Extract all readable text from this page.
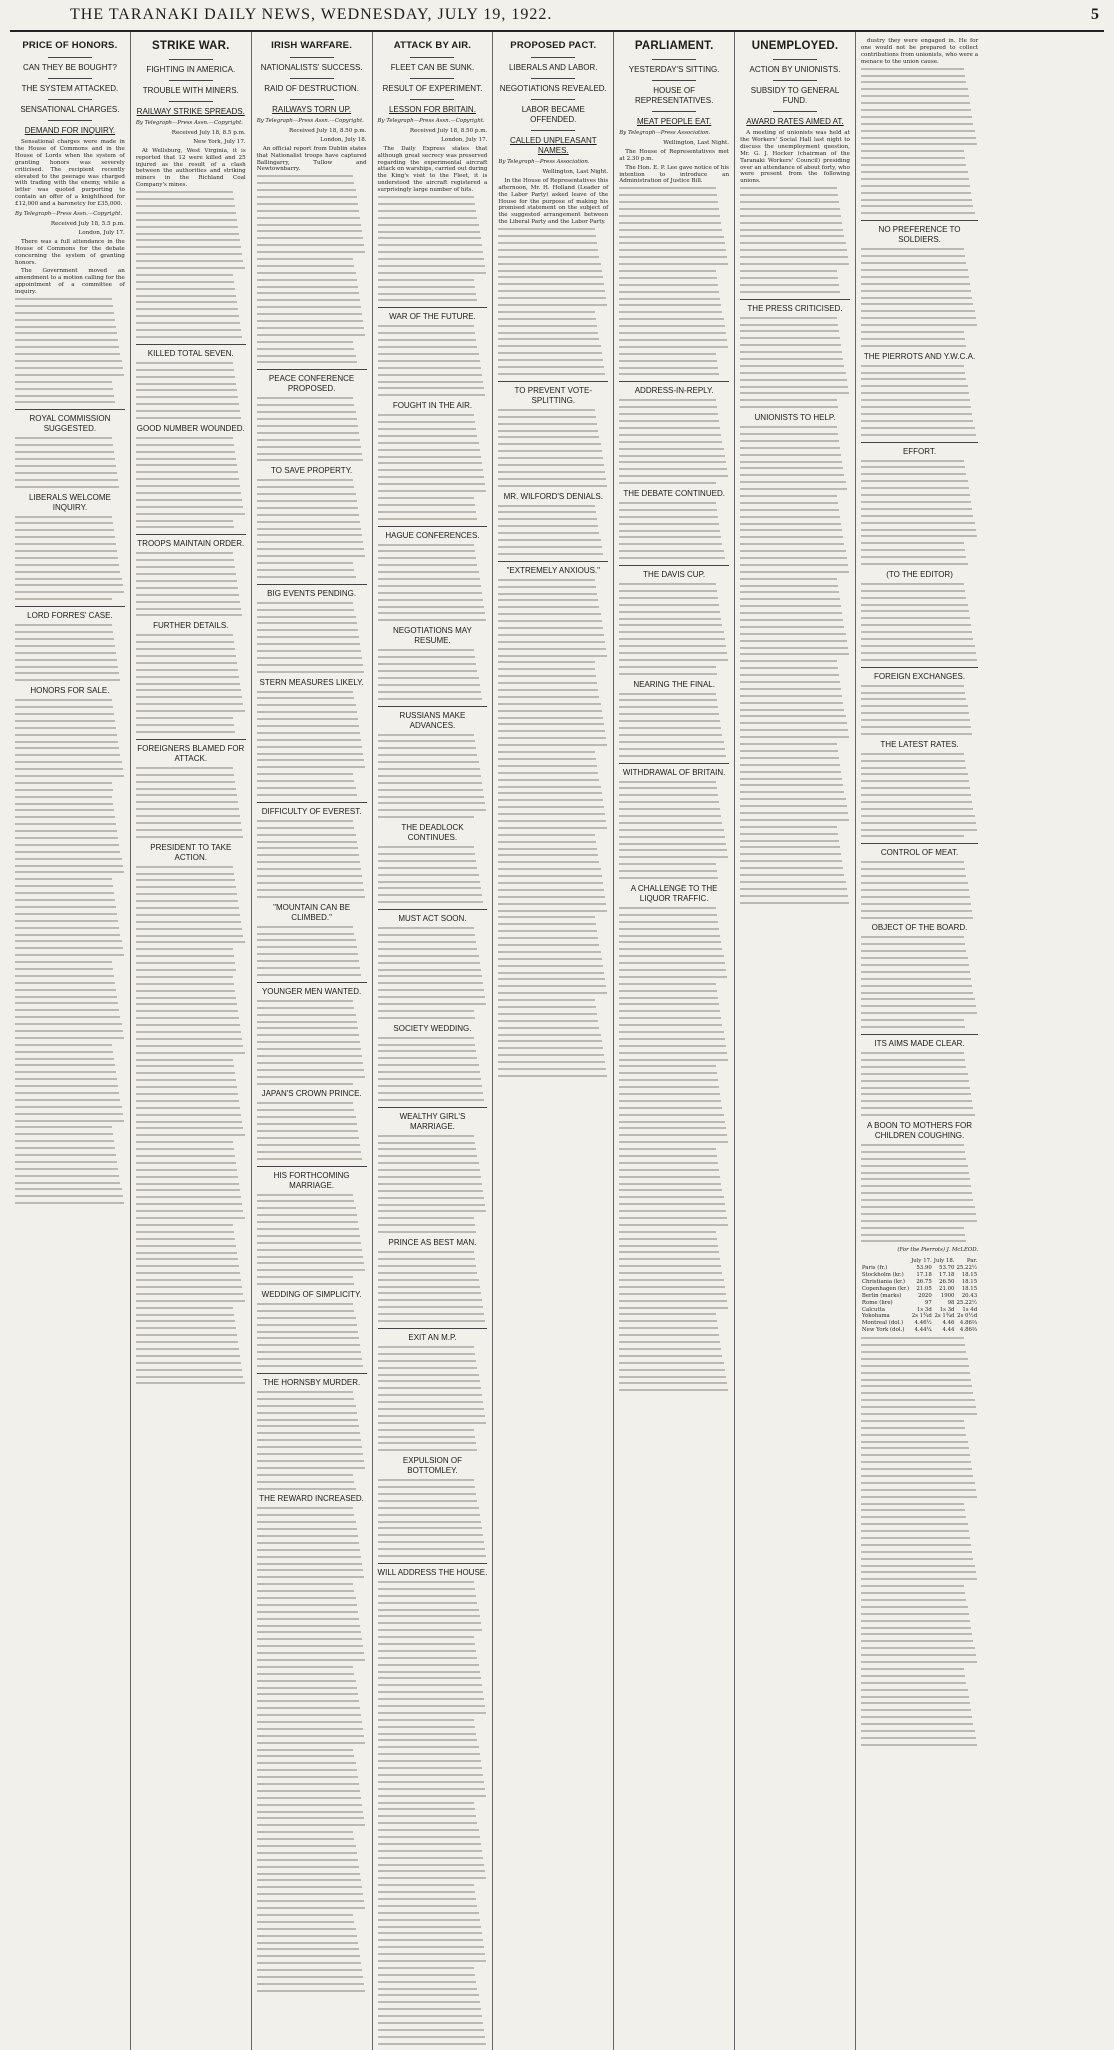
THE TARANAKI DAILY NEWS, WEDNESDAY, JULY 19, 1922.	5
PRICE OF HONORS.
CAN THEY BE BOUGHT?
THE SYSTEM ATTACKED.
SENSATIONAL CHARGES.
DEMAND FOR INQUIRY.
Sensational charges were made in the House of Commons and in the House of Lords when the system of granting honors was severely criticised. The recipient recently elevated to the peerage was charged with trading with the enemy, while a letter was quoted purporting to contain an offer of a knighthood for £12,000 and a baronetcy for £35,000.
By Telegraph—Press Assn.—Copyright.
Received July 18, 5.5 p.m.
London, July 17.
There was a full attendance in the House of Commons for the debate concerning the system of granting honors.
The Government moved an amendment to a motion calling for the appointment of a committee of inquiry.
ROYAL COMMISSION SUGGESTED.
LIBERALS WELCOME INQUIRY.
LORD FORRES' CASE.
HONORS FOR SALE.
STRIKE WAR.
FIGHTING IN AMERICA.
TROUBLE WITH MINERS.
RAILWAY STRIKE SPREADS.
By Telegraph—Press Assn.—Copyright.
Received July 18, 8.5 p.m.
New York, July 17.
At Wellsburg, West Virginia, it is reported that 12 were killed and 25 injured as the result of a clash between the authorities and striking miners in the Richland Coal Company's mines.
KILLED TOTAL SEVEN.
GOOD NUMBER WOUNDED.
TROOPS MAINTAIN ORDER.
FURTHER DETAILS.
FOREIGNERS BLAMED FOR ATTACK.
PRESIDENT TO TAKE ACTION.
IRISH WARFARE.
NATIONALISTS' SUCCESS.
RAID OF DESTRUCTION.
RAILWAYS TORN UP.
By Telegraph—Press Assn.—Copyright.
Received July 18, 8.50 p.m.
London, July 18.
An official report from Dublin states that Nationalist troops have captured Ballingarry, Tullow and Newtownbarry.
PEACE CONFERENCE PROPOSED.
TO SAVE PROPERTY.
BIG EVENTS PENDING.
STERN MEASURES LIKELY.
DIFFICULTY OF EVEREST.
"MOUNTAIN CAN BE CLIMBED."
YOUNGER MEN WANTED.
JAPAN'S CROWN PRINCE.
HIS FORTHCOMING MARRIAGE.
WEDDING OF SIMPLICITY.
THE HORNSBY MURDER.
THE REWARD INCREASED.
ATTACK BY AIR.
FLEET CAN BE SUNK.
RESULT OF EXPERIMENT.
LESSON FOR BRITAIN.
By Telegraph—Press Assn.—Copyright.
Received July 18, 8.50 p.m.
London, July 17.
The Daily Express states that although great secrecy was preserved regarding the experimental aircraft attack on warships, carried out during the King's visit to the Fleet, it is understood the aircraft registered a surprisingly large number of hits.
WAR OF THE FUTURE.
FOUGHT IN THE AIR.
HAGUE CONFERENCES.
NEGOTIATIONS MAY RESUME.
RUSSIANS MAKE ADVANCES.
THE DEADLOCK CONTINUES.
MUST ACT SOON.
SOCIETY WEDDING.
WEALTHY GIRL'S MARRIAGE.
PRINCE AS BEST MAN.
EXIT AN M.P.
EXPULSION OF BOTTOMLEY.
WILL ADDRESS THE HOUSE.
PROPOSED PACT.
LIBERALS AND LABOR.
NEGOTIATIONS REVEALED.
LABOR BECAME OFFENDED.
CALLED UNPLEASANT NAMES.
By Telegraph—Press Association.
Wellington, Last Night.
In the House of Representatives this afternoon, Mr. H. Holland (Leader of the Labor Party) asked leave of the House for the purpose of making his promised statement on the subject of the suggested arrangement between the Liberal Party and the Labor Party.
TO PREVENT VOTE-SPLITTING.
MR. WILFORD'S DENIALS.
"EXTREMELY ANXIOUS."
PARLIAMENT.
YESTERDAY'S SITTING.
HOUSE OF REPRESENTATIVES.
MEAT PEOPLE EAT.
By Telegraph—Press Association.
Wellington, Last Night.
The House of Representatives met at 2.30 p.m.
The Hon. E. P. Lee gave notice of his intention to introduce an Administration of Justice Bill.
ADDRESS-IN-REPLY.
THE DEBATE CONTINUED.
THE DAVIS CUP.
NEARING THE FINAL.
WITHDRAWAL OF BRITAIN.
A CHALLENGE TO THE LIQUOR TRAFFIC.
UNEMPLOYED.
ACTION BY UNIONISTS.
SUBSIDY TO GENERAL FUND.
AWARD RATES AIMED AT.
A meeting of unionists was held at the Workers' Social Hall last night to discuss the unemployment question, Mr. G. J. Hocker (chairman of the Taranaki Workers' Council) presiding over an attendance of about forty, who were present from the following unions.
THE PRESS CRITICISED.
UNIONISTS TO HELP.
dustry they were engaged in. He for one would not be prepared to collect contributions from unionists, who were a menace to the union cause.
NO PREFERENCE TO SOLDIERS.
THE PIERROTS AND Y.W.C.A.
EFFORT.
(TO THE EDITOR)
FOREIGN EXCHANGES.
THE LATEST RATES.
CONTROL OF MEAT.
OBJECT OF THE BOARD.
ITS AIMS MADE CLEAR.
A BOON TO MOTHERS FOR CHILDREN COUGHING.
(For the Pierrots) J. McLEOD.
	July 17.	July 18.	Par.
Paris (fr.)	53.90	53.70	25.22½
Stockholm (kr.)	17.18	17.18	18.15
Christiania (kr.)	26.75	26.50	18.15
Copenhagen (kr.)	21.05	21.00	18.15
Berlin (marks)	2020	1900	20.43
Rome (lire)	97	98	25.22½
Calcutta	1s 3d	1s 3d	1s 4d
Yokohama	2s 1¾d	2s 1¾d	2s 0½d
Montreal (dol.)	4.46½	4.46	4.86⅔
New York (dol.)	4.44¼	4.44	4.86⅔
